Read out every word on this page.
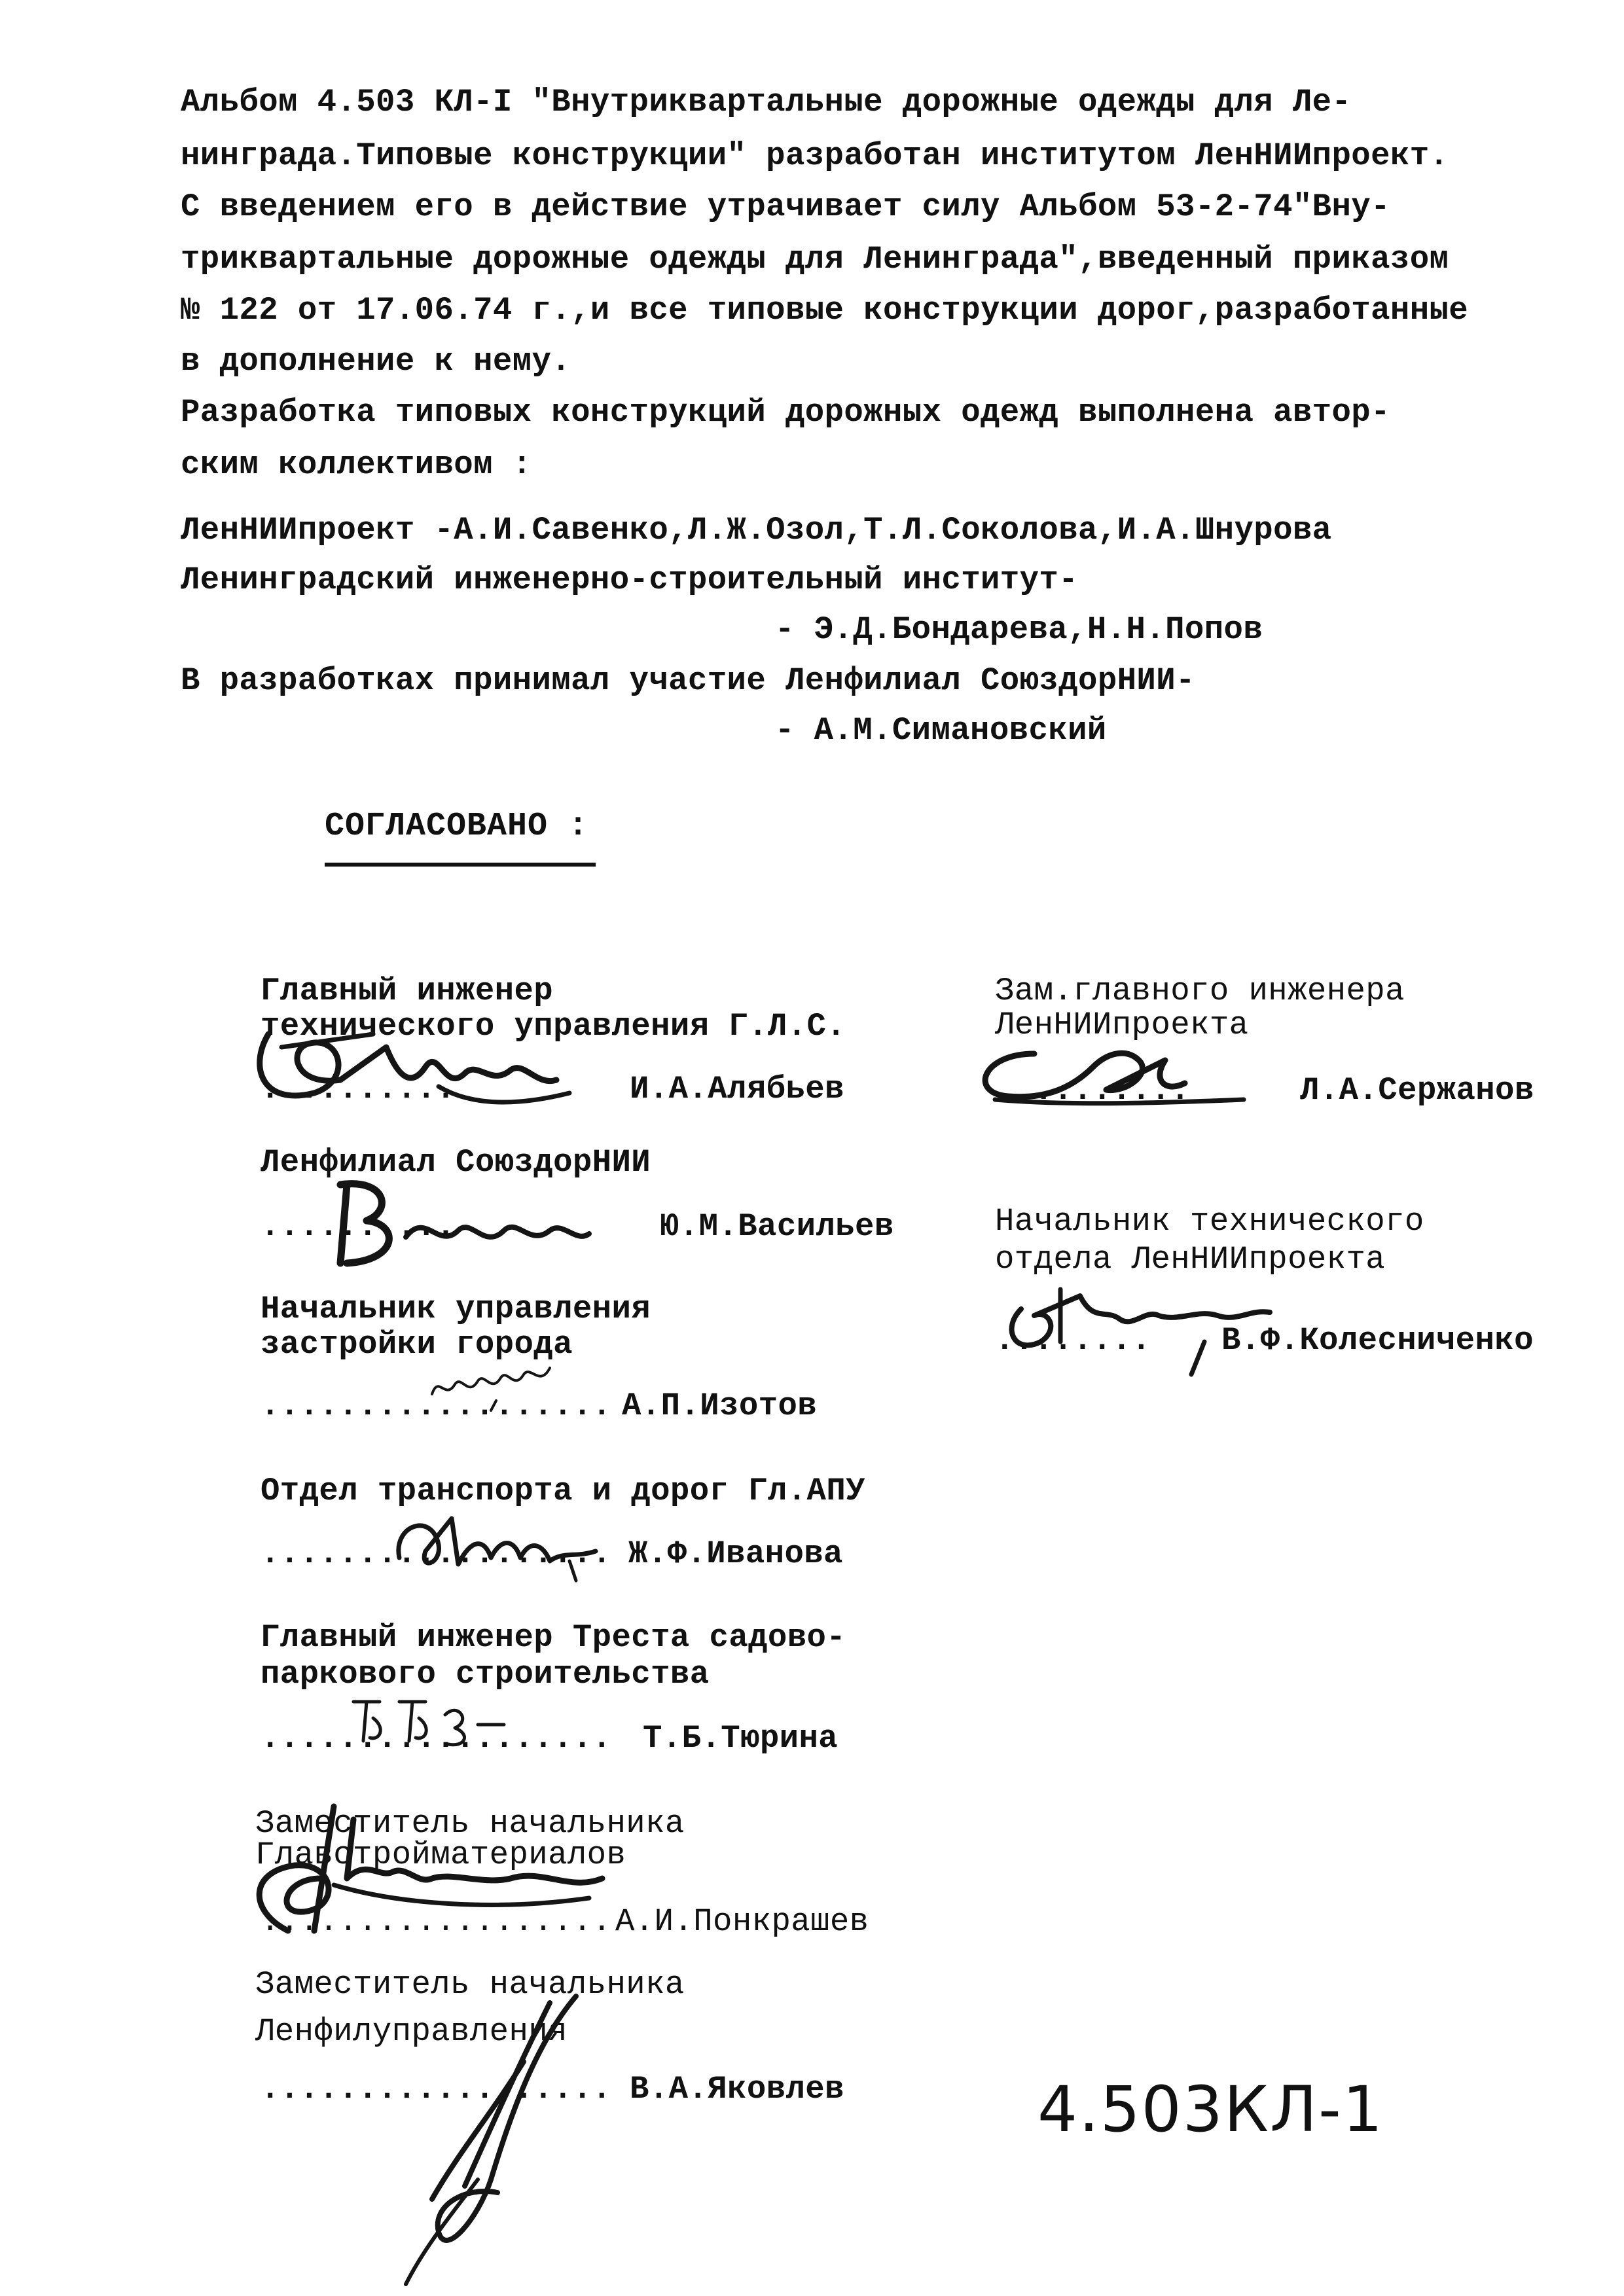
Альбом 4.503 КЛ-I "Внутриквартальные дорожные одежды для Ле-
нинграда.Типовые конструкции" разработан институтом ЛенНИИпроект.
С введением его в действие утрачивает силу Альбом 53-2-74"Вну-
триквартальные дорожные одежды для Ленинграда",введенный приказом
№ 122 от 17.06.74 г.,и все типовые конструкции дорог,разработанные
в дополнение к нему.
Разработка типовых конструкций дорожных одежд выполнена автор-
ским коллективом :
ЛенНИИпроект -А.И.Савенко,Л.Ж.Озол,Т.Л.Соколова,И.А.Шнурова
Ленинградский инженерно-строительный институт-
- Э.Д.Бондарева,Н.Н.Попов
В разработках принимал участие Ленфилиал СоюздорНИИ-
- А.М.Симановский
СОГЛАСОВАНО :
Главный инженер
технического управления Г.Л.С.
..........	И.А.Алябьев
Ленфилиал СоюздорНИИ
..........	Ю.М.Васильев
Начальник управления
застройки города
.................. А.П.Изотов
Отдел транспорта и дорог Гл.АПУ
.................. Ж.Ф.Иванова
Главный инженер Треста садово-
паркового строительства
.................. Т.Б.Тюрина
Заместитель начальника
Главстройматериалов
.................. А.И.Понкрашев
Заместитель начальника
Ленфилуправления
.................. В.А.Яковлев
Зам.главного инженера
ЛенНИИпроекта
..........	Л.А.Сержанов
Начальник технического
отдела ЛенНИИпроекта
........ В.Ф.Колесниченко
4.503КЛ-1
